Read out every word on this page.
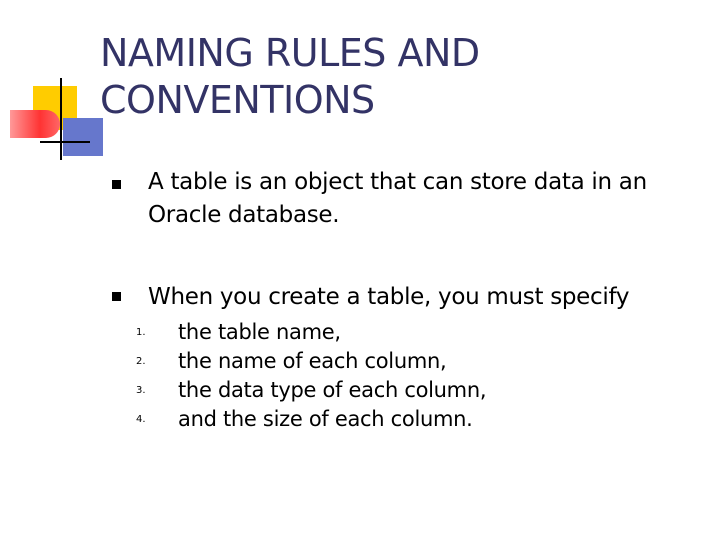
NAMING RULES AND CONVENTIONS
A table is an object that can store data in an Oracle database.
When you create a table, you must specify
1. the table name,
2. the name of each column,
3. the data type of each column,
4. and the size of each column.
